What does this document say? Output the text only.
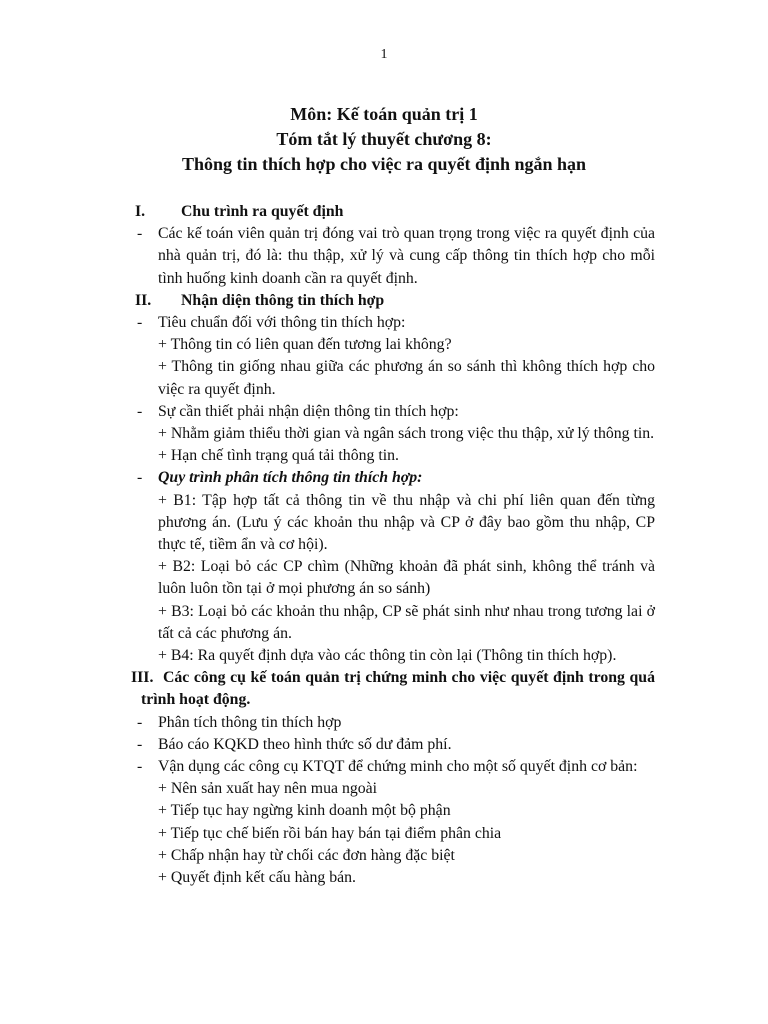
1
Môn: Kế toán quản trị 1
Tóm tắt lý thuyết chương 8:
Thông tin thích hợp cho việc ra quyết định ngắn hạn
I. Chu trình ra quyết định
- Các kế toán viên quản trị đóng vai trò quan trọng trong việc ra quyết định của nhà quản trị, đó là: thu thập, xử lý và cung cấp thông tin thích hợp cho mỗi tình huống kinh doanh cần ra quyết định.
II. Nhận diện thông tin thích hợp
- Tiêu chuẩn đối với thông tin thích hợp:
+ Thông tin có liên quan đến tương lai không?
+ Thông tin giống nhau giữa các phương án so sánh thì không thích hợp cho việc ra quyết định.
- Sự cần thiết phải nhận diện thông tin thích hợp:
+ Nhằm giảm thiểu thời gian và ngân sách trong việc thu thập, xử lý thông tin.
+ Hạn chế tình trạng quá tải thông tin.
- Quy trình phân tích thông tin thích hợp:
+ B1: Tập hợp tất cả thông tin về thu nhập và chi phí liên quan đến từng phương án. (Lưu ý các khoản thu nhập và CP ở đây bao gồm thu nhập, CP thực tế, tiềm ẩn và cơ hội).
+ B2: Loại bỏ các CP chìm (Những khoản đã phát sinh, không thể tránh và luôn luôn tồn tại ở mọi phương án so sánh)
+ B3: Loại bỏ các khoản thu nhập, CP sẽ phát sinh như nhau trong tương lai ở tất cả các phương án.
+ B4: Ra quyết định dựa vào các thông tin còn lại (Thông tin thích hợp).
III. Các công cụ kế toán quản trị chứng minh cho việc quyết định trong quá trình hoạt động.
- Phân tích thông tin thích hợp
- Báo cáo KQKD theo hình thức số dư đảm phí.
- Vận dụng các công cụ KTQT để chứng minh cho một số quyết định cơ bản:
+ Nên sản xuất hay nên mua ngoài
+ Tiếp tục hay ngừng kinh doanh một bộ phận
+ Tiếp tục chế biến rồi bán hay bán tại điểm phân chia
+ Chấp nhận hay từ chối các đơn hàng đặc biệt
+ Quyết định kết cấu hàng bán.
